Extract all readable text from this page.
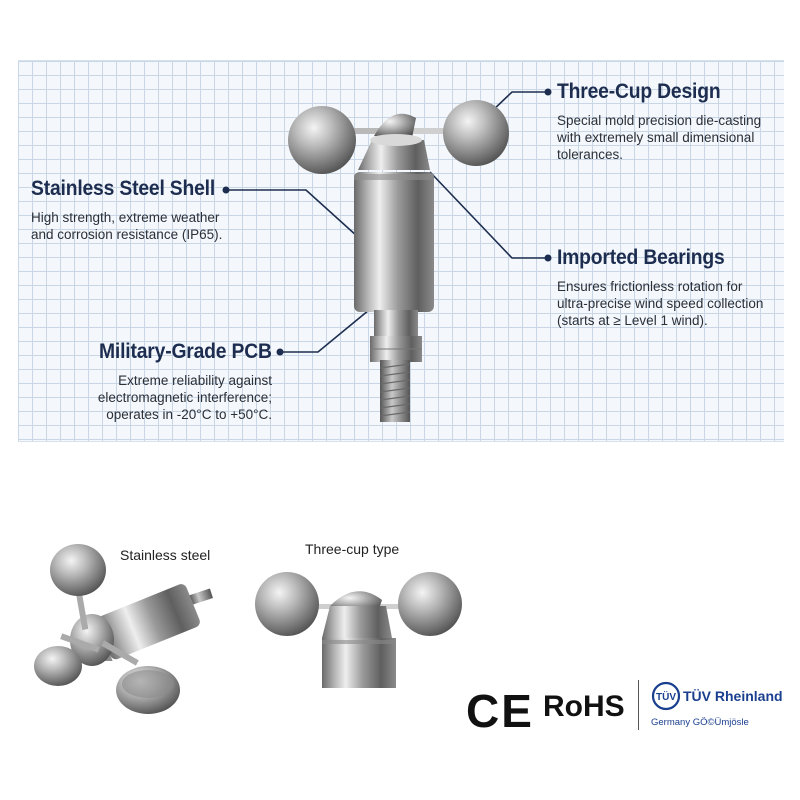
Three-Cup Design
Special mold precision die-casting
with extremely small dimensional
tolerances.
Stainless Steel Shell
High strength, extreme weather
and corrosion resistance (IP65).
Imported Bearings
Ensures frictionless rotation for
ultra-precise wind speed collection
(starts at ≥ Level 1 wind).
Military-Grade PCB
Extreme reliability against
electromagnetic interference;
operates in -20°C to +50°C.
TÜV
Stainless steel	Three-cup type
CE RoHS	TÜV Rheinland
Germany GÖ©Ümjösle
